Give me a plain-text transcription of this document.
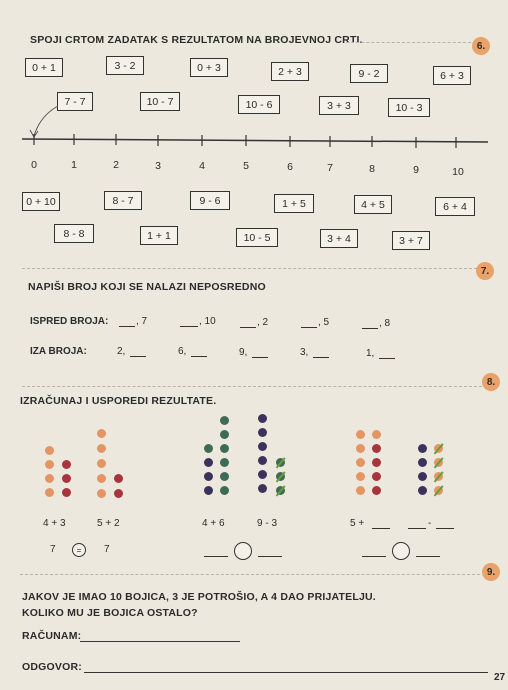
SPOJI CRTOM ZADATAK S REZULTATOM NA BROJEVNOJ CRTI.	6.
0 + 1	3 - 2	0 + 3	2 + 3	9 - 2	6 + 3
7 - 7	10 - 7	10 - 6	3 + 3	10 - 3
0	1	2	3	4	5	6	7	8	9	10
0 + 10	8 - 7	9 - 6	1 + 5	4 + 5	6 + 4
8 - 8	1 + 1	10 - 5	3 + 4	3 + 7
7.
NAPIŠI BROJ KOJI SE NALAZI NEPOSREDNO
ISPRED BROJA:	, 7	, 10	, 2	, 5	, 8
IZA BROJA:	2,	6,	9,	3,	1,
8.
IZRAČUNAJ I USPOREDI REZULTATE.
4 + 3	5 + 2
7	=	7
4 + 6	9 - 3	5 +	-
9.
JAKOV JE IMAO 10 BOJICA, 3 JE POTROŠIO, A 4 DAO PRIJATELJU.
KOLIKO MU JE BOJICA OSTALO?
RAČUNAM:
ODGOVOR:
27
